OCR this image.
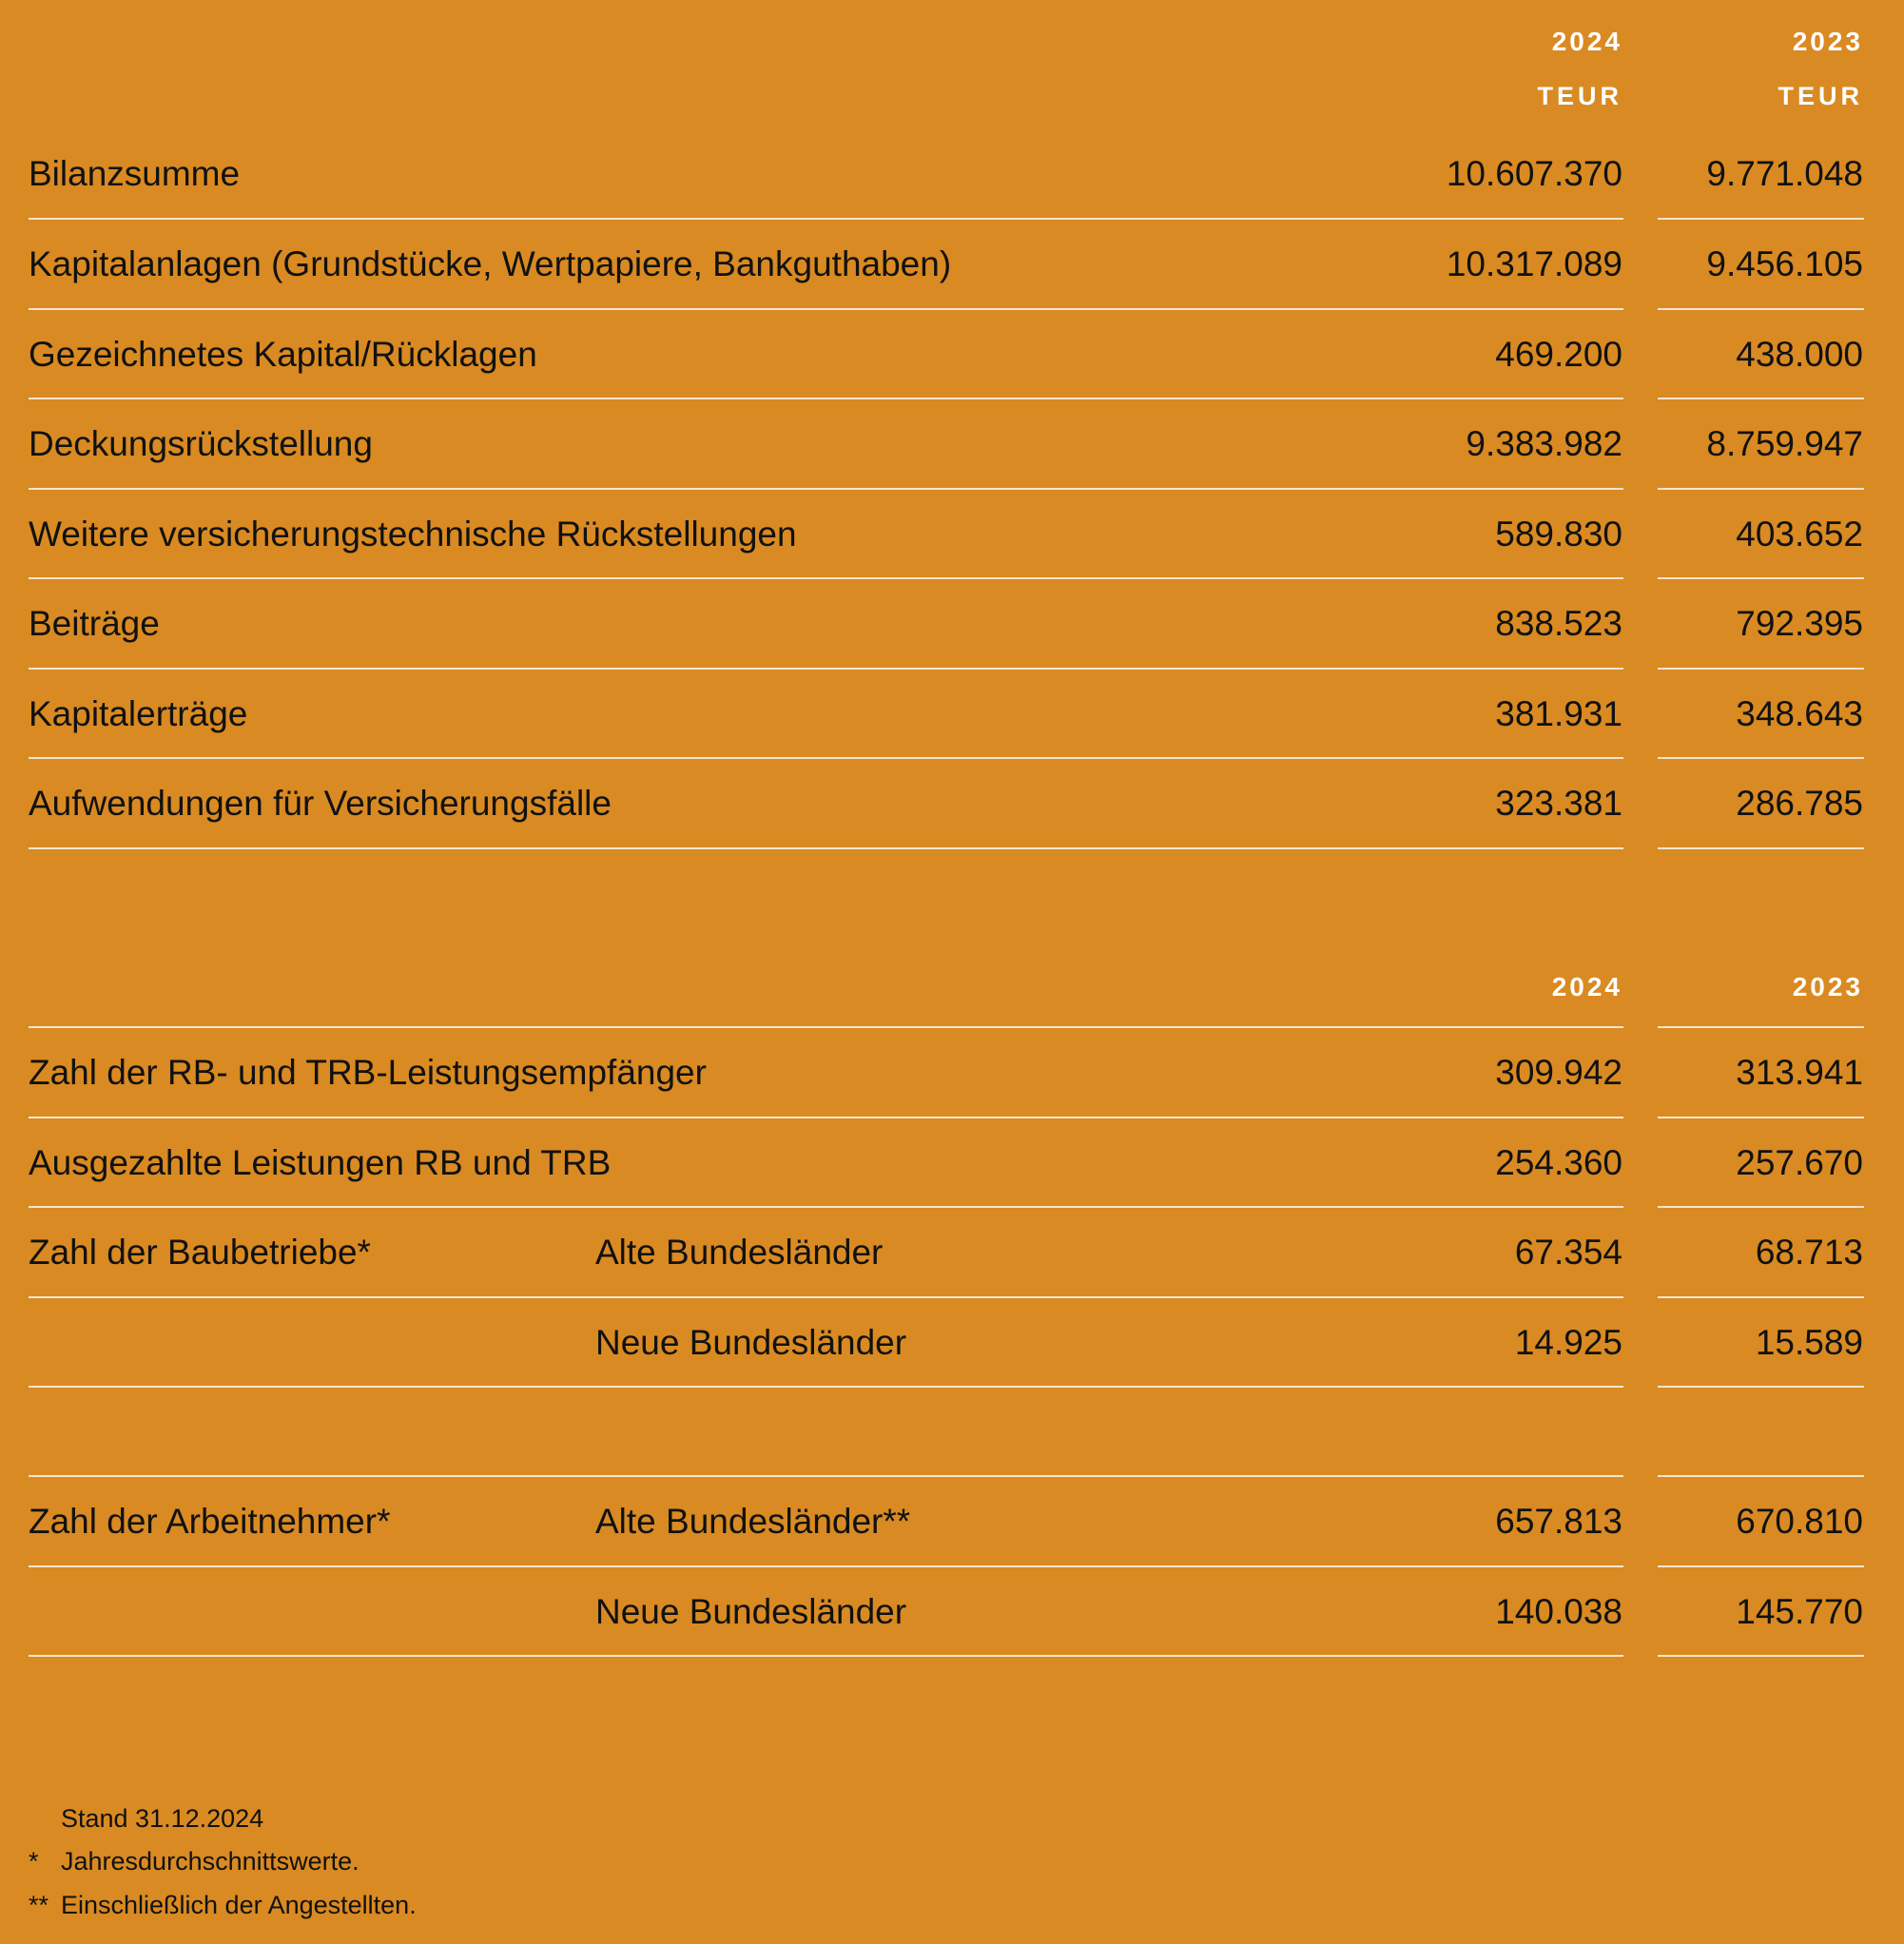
2024	2023
TEUR	TEUR
Bilanzsumme	10.607.370 9.771.048
Kapitalanlagen (Grundstücke, Wertpapiere, Bankguthaben)	10.317.089 9.456.105
Gezeichnetes Kapital/Rücklagen	469.200	438.000
Deckungsrückstellung	9.383.982 8.759.947
Weitere versicherungstechnische Rückstellungen	589.830	403.652
Beiträge	838.523	792.395
Kapitalerträge	381.931	348.643
Aufwendungen für Versicherungsfälle	323.381	286.785
2024	2023
Zahl der RB- und TRB-Leistungsempfänger	309.942	313.941
Ausgezahlte Leistungen RB und TRB	254.360	257.670
Zahl der Baubetriebe*	Alte Bundesländer	67.354	68.713
Neue Bundesländer	14.925	15.589
Zahl der Arbeitnehmer*	Alte Bundesländer**	657.813	670.810
Neue Bundesländer	140.038	145.770
Stand 31.12.2024
* Jahresdurchschnittswerte.
** Einschließlich der Angestellten.
